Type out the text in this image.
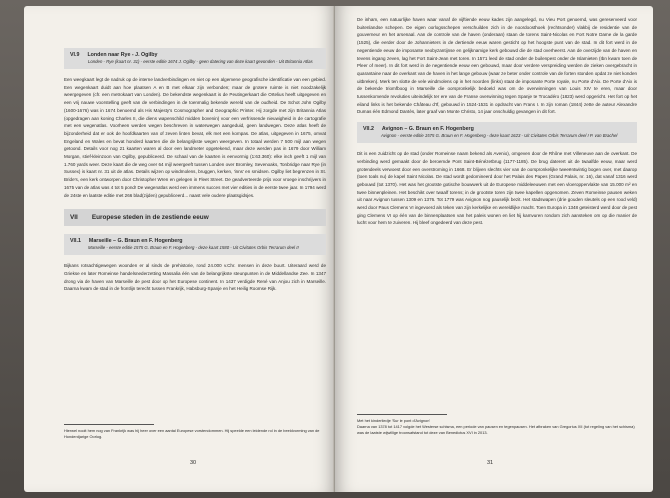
VI.9 Londen naar Rye - J. Ogilby
Londen - Rye (kaart nr. 31) - eerste editie 1674 J. Ogilby - geen datering van deze kaart gevonden - Uit Britannia Atlas

Een weegkaart legt de nadruk op de interne landverbindingen en niet op een algemene geografische identificatie van een gebied. Een wegenkaart duidt aan hoe plaatsen A en B met elkaar zijn verbonden; maar de grotere ruimte is niet noodzakelijk weergegeven (cfr. een metrokaart van Londen). De bekendste wegenkaart is de Peutingerkaart die Ortelius heeft uitgegeven en een vrij nauwe voorstelling geeft van de verbindingen in de toenmalig bekende wereld van de oudheid. De Schot John Ogilby (1600-1676) was in 1674 benoemd als His Majesty's Cosmographer and Geographic Printer. Hij zorgde met zijn Britannia Atlas (opgedragen aan koning Charles II, die diens wapenschild midden bovenin) voor een verfrissende nieuwigheid in de cartografie met een wegenatlas. Voorheen werden wegen beschreven in waterwegen aangeduid, geen landwegen. Deze atlas heeft de bijzonderheid dat er ook de hoofdkaarten van of zeven linten bevat, elk met een kompas. De atlas, uitgegeven in 1675, omvat Engeland en Wales en bevat honderd kaarten die de belangrijkste wegen weergeven. In totaal werden 7 500 mijl aan wegen getoond. Details voor nog 21 kaarten waren al door een landmeter opgetekend, maar deze werden pas in 1679 door William Morgan, stief-kleinzoon van Ogilby, gepubliceerd. De schaal van de kaarten is eenvormig (1:63.360): elke inch geeft 1 mijl van 1.760 yards weer. Deze kaart die de weg over 64 mijl weergeeft tussen Londen over Bromley, Sevenoaks, Tonbridge naar Rye (in Sussex) is kaart nr. 31 uit de atlas. Details wijzen op windmolens, bruggen, kerken, 'inns' en smidsen. Ogilby liet begrenzen in St. Bride's, een kerk ontworpen door Christopher Wren en gelegen in Fleet Street. De geadverteerde prijs voor vroege inschrijvers in 1675 van de atlas was 4 tot 5 pond! De wegenatlas werd een immens succes met vier edities in de eerste twee jaar. In 1794 werd de 24ste en laatste editie met 266 blad(zijden) gepubliceerd... naast vele oudere plaatsgidsjes.

VII Europese steden in de zestiende eeuw
VII.1 Marseille – G. Braun en F. Hogenberg
Marseille - eerste editie 1575 G. Braun en F. Hogenberg - deze kaart 1580 - Uit Civitates Orbis Terrarum deel II

Bijkans rotsachtigewegen woonden er al sinds de prehistorie, rond 24.000 v.Chr. mensen in deze buurt. Uiteraard werd de Griekse en later Romeinse handelsnederzetting Massalia één van de belangrijkste steunpunten in de Middellandse Zee. In 1347 drong via de haven van Marseille de pest door op het Europese continent. In 1437 verdigde René van Anjou zich in Marseille. Daarna kwam de stad in de frontlijn terecht tussen Frankrijk, Habsburg-Spanje en het Heilig Roomse Rijk.

Hierwel nooit hem nog van Frankrijk was hij heer over een aantal Europese vorstendommen. Hij speelde een leidende rol in de beeldvorming van de Honderdjarige Oorlog.
30

De inham, een natuurlijke haven waar vanaf de vijftiende eeuw kades zijn aangelegd, nu Vieu Port genoemd, was gereserveerd voor buitenlandse schepen. De eigen oorlogsschepen verschuilden zich in de noordoosthoek (rechtsonder) vlakbij de residentie van de gouverneur en het arsenaal. Aan de controle van de haven (onderaan) staan de torens Saint-Nicolas en Fort Notre Dame de la garde (1525), die eerder door de Johannieters in de dertiende eeuw waren gesticht op het hoogste punt van de stad. In dit fort werd in de negentiende eeuw de imposante neobyzantijnse en gelijknamige kerk gebouwd die de stad overheerst. Aan de overzijde van de haven en tevens ingang zeven, lag het Fort Saint-Jean met toren. In 1571 leed de stad onder de builenpest onder de Islamieten (Ibn kwam toen de Pleer of meer). In dit fort werd in de negentiende eeuw een gebouwd, maar door verdere verspreiding werden de zieken overgebracht in quarantaine naar de overkant van de haven in het lange gebouw (waar ze beter onder controle van de forten stonden opdat ze niet konden uitbreken). Merk ten slotte de vele windmolens op in het noorden (links) staat de imposante Porte royale, nu Porte d'Aix. De Porte d'Aix is de bekende triomfboog in Marseille die oorspronkelijk bedoeld was om de overwinningen van Louis XIV te eren, maar door tussenkomende revoluties uiteindelijk ter ere van de Franse overwinning tegen Spanje te Trocadéro (1823) werd opgericht. Het fort op het eiland links is het bekende Château d'If, gebouwd in 1524-1531 in opdracht van Frans I. In zijn roman (1844) zette de auteur Alexandre Dumas één Edmond Dantès, later graaf van Monte Christo, 14 jaar onschuldig gevangen in dit fort.

VII.2 Avignon – G. Braun en F. Hogenberg
Avignon - eerste editie 1575 G. Braun en F. Hogenberg - deze kaart 1623 - Uit Civitates Orbis Terrarum deel I P. van Brachel

Dit is een zuidzicht op de stad (onder Romeinse naam bekend als Avenio), omgeven door de Rhône met Villeneuve aan de overkant. De verbinding werd gemaakt door de beroemde Pont Saint-Bénézetbrug (1177-1185). De brug daterert uit de twaalfde eeuw, maar werd grotendeels verwoest door een overstroming in 1668. Er blijven slechts vier van de oorspronkelijke tweeëntwintig bogen over, met daarop (toen toals nu) de kapel Saint Nicolas. De stad wordt gedomineerd door het Palais des Papes (Grand Palais, nr. 16), dat vanaf 1316 werd gebouwd (tot 1370). Het was het grootste gotische bouwwerk uit de Europese middeleeuwen met een vloeroppervlakte van 15.000 m² en twee binnenpleinen. Het beschikt over twaalf torens; in de grootste toren zijn twee kapellen opgenomen. Zeven Romeinse pausen weken uit naar Avignon tussen 1309 en 1376. Tot 1779 was Avignon nog pauselijk bezit. Het stadswapen (drie gouden sleutels op een rood veld) werd door Paus Clemens VI ingevoerd als teken van zijn kerkelijke en wereldlijke macht. Toen Europa in 1348 geteisterd werd door de pest ging Clemens VI op één van de binnenplaatsen van het paleis wonen en liet hij kamvuren rondom zich aansteken om op die manier de lucht voor hem te zuiveren. Hij bleef ongedeerd van deze pest.

Met het kinderliedje 'Sur le pont d'Avignon'
Daarna van 1378 tot 1417 volgde het Westerse schisma, een periode van pausen en tegenpausen. Het afbraken van Gregorius XII (tot regeling van het schisma) was de laatste wijwillige troonsafstand tot deze van Benedictus XVI in 2013.
31
